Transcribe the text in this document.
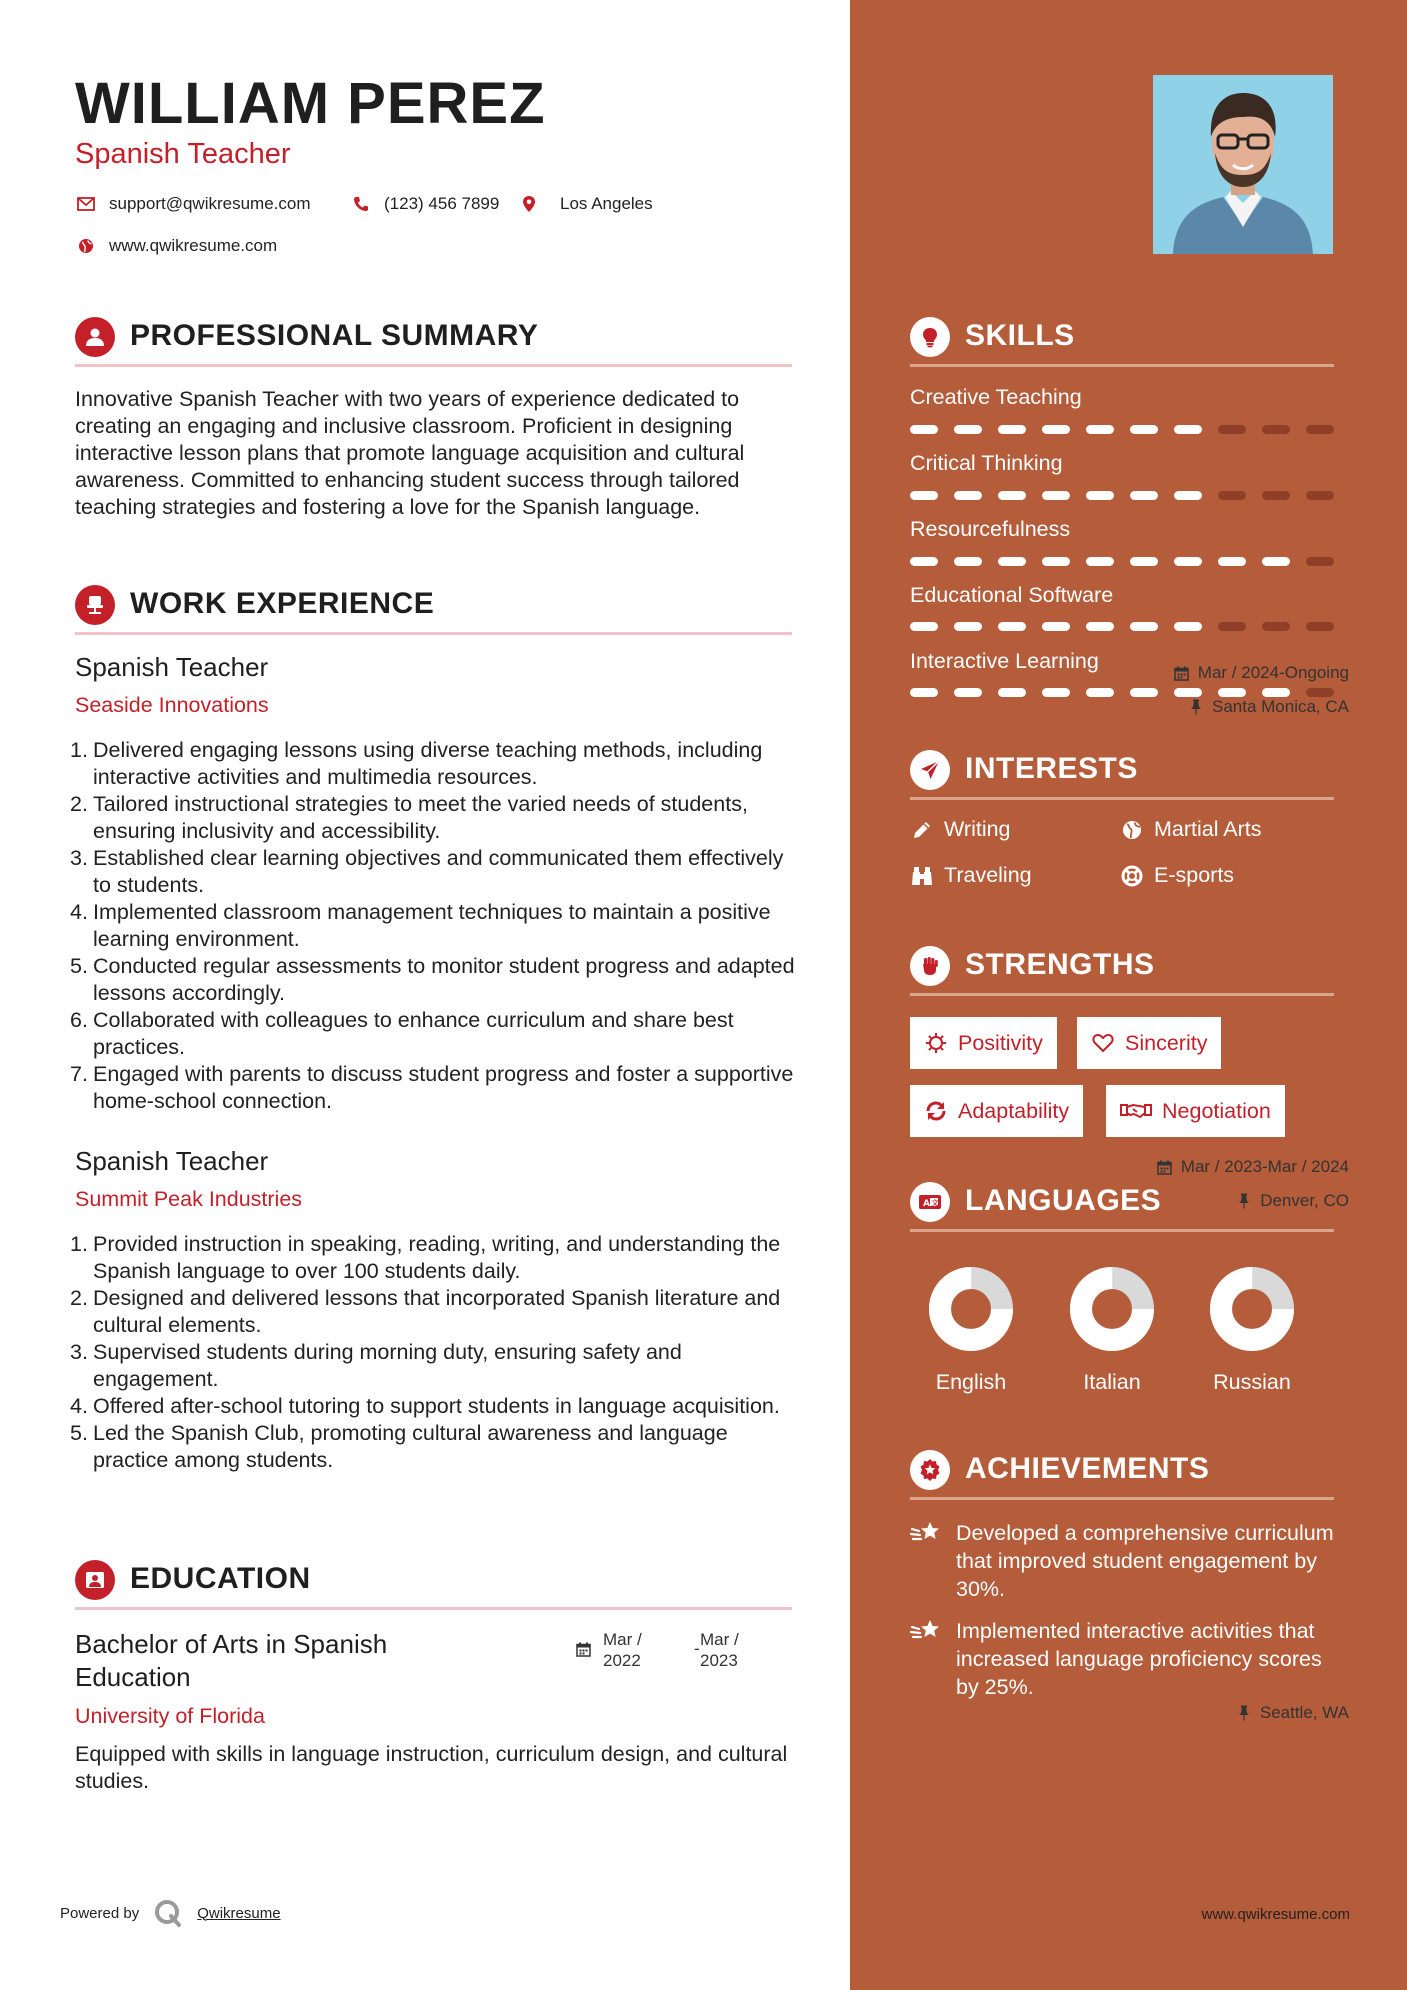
WILLIAM PEREZ
Spanish Teacher
support@qwikresume.com	(123) 456 7899	Los Angeles
www.qwikresume.com
PROFESSIONAL SUMMARY
Innovative Spanish Teacher with two years of experience dedicated to creating an engaging and inclusive classroom. Proficient in designing interactive lesson plans that promote language acquisition and cultural awareness. Committed to enhancing student success through tailored teaching strategies and fostering a love for the Spanish language.
WORK EXPERIENCE
Spanish Teacher	Mar / 2024-Ongoing
Seaside Innovations	Santa Monica, CA
1. Delivered engaging lessons using diverse teaching methods, including interactive activities and multimedia resources.
2. Tailored instructional strategies to meet the varied needs of students, ensuring inclusivity and accessibility.
3. Established clear learning objectives and communicated them effectively to students.
4. Implemented classroom management techniques to maintain a positive learning environment.
5. Conducted regular assessments to monitor student progress and adapted lessons accordingly.
6. Collaborated with colleagues to enhance curriculum and share best practices.
7. Engaged with parents to discuss student progress and foster a supportive home-school connection.
Spanish Teacher	Mar / 2023-Mar / 2024
Summit Peak Industries	Denver, CO
1. Provided instruction in speaking, reading, writing, and understanding the Spanish language to over 100 students daily.
2. Designed and delivered lessons that incorporated Spanish literature and cultural elements.
3. Supervised students during morning duty, ensuring safety and engagement.
4. Offered after-school tutoring to support students in language acquisition.
5. Led the Spanish Club, promoting cultural awareness and language practice among students.
EDUCATION
Bachelor of Arts in Spanish
Education
Mar /
2022
- Mar /
2023
University of Florida	Seattle, WA
Equipped with skills in language instruction, curriculum design, and cultural studies.
Powered by	Qwikresume	www.qwikresume.com
SKILLS
Creative Teaching
Critical Thinking
Resourcefulness
Educational Software
Interactive Learning
INTERESTS
Writing	Martial Arts
Traveling	E-sports
STRENGTHS
Positivity	Sincerity
Adaptability	Negotiation
A 文 LANGUAGES
English	Italian	Russian
ACHIEVEMENTS
Developed a comprehensive curriculum that improved student engagement by 30%.
Implemented interactive activities that increased language proficiency scores by 25%.
